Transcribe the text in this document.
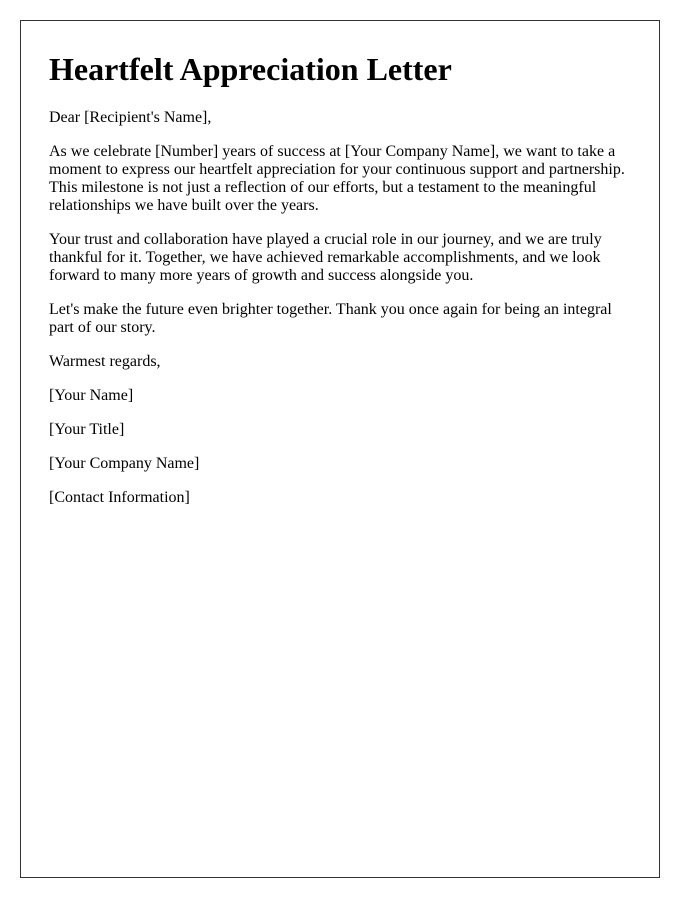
Heartfelt Appreciation Letter

Dear [Recipient's Name],

As we celebrate [Number] years of success at [Your Company Name], we want to take a moment to express our heartfelt appreciation for your continuous support and partnership. This milestone is not just a reflection of our efforts, but a testament to the meaningful relationships we have built over the years.

Your trust and collaboration have played a crucial role in our journey, and we are truly thankful for it. Together, we have achieved remarkable accomplishments, and we look forward to many more years of growth and success alongside you.

Let's make the future even brighter together. Thank you once again for being an integral part of our story.

Warmest regards,

[Your Name]

[Your Title]

[Your Company Name]

[Contact Information]
